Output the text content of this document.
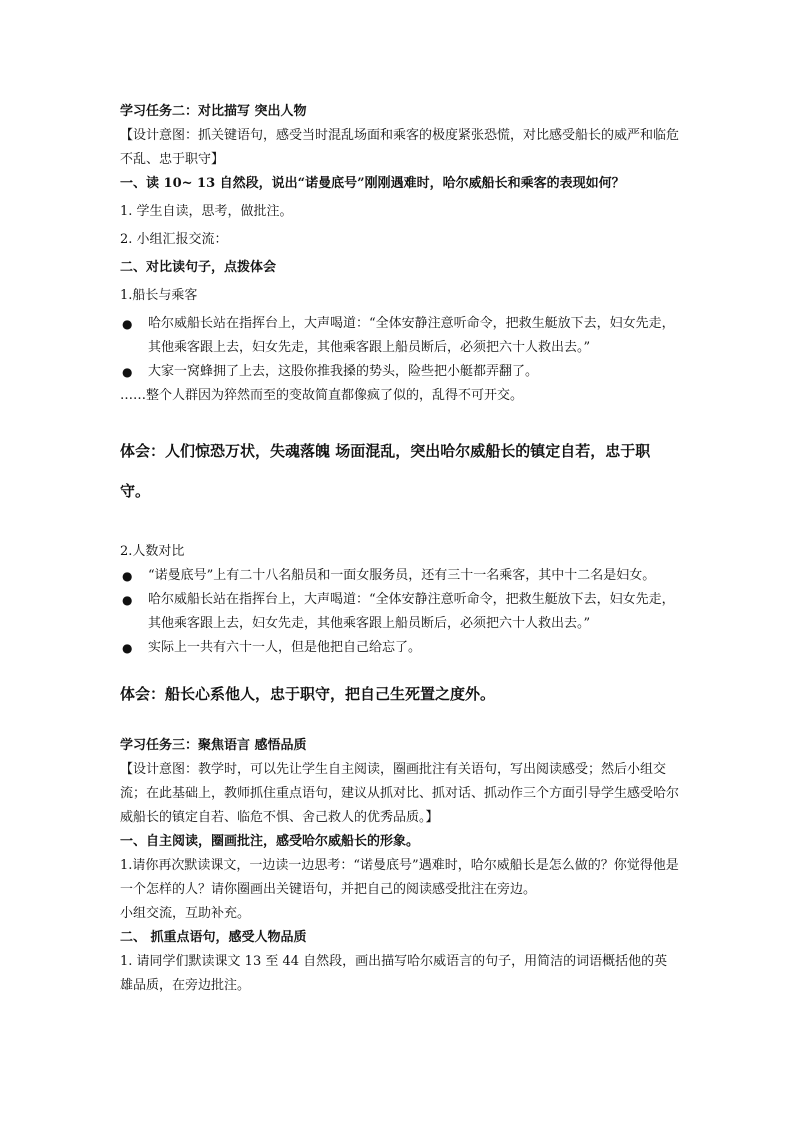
学习任务二：对比描写 突出人物

【设计意图：抓关键语句，感受当时混乱场面和乘客的极度紧张恐慌，对比感受船长的威严和临危不乱、忠于职守】

一、读 10~ 13 自然段，说出“诺曼底号”刚刚遇难时，哈尔威船长和乘客的表现如何？

1. 学生自读，思考，做批注。

2. 小组汇报交流：

二、对比读句子，点拨体会

1.船长与乘客

● 哈尔威船长站在指挥台上，大声喝道：“全体安静注意听命令，把救生艇放下去，妇女先走，其他乘客跟上去，妇女先走，其他乘客跟上船员断后，必须把六十人救出去。”

● 大家一窝蜂拥了上去，这股你推我搡的势头，险些把小艇都弄翻了。

……整个人群因为猝然而至的变故简直都像疯了似的，乱得不可开交。

体会：人们惊恐万状，失魂落魄 场面混乱，突出哈尔威船长的镇定自若，忠于职守。

2.人数对比

● “诺曼底号”上有二十八名船员和一面女服务员，还有三十一名乘客，其中十二名是妇女。

● 哈尔威船长站在指挥台上，大声喝道：“全体安静注意听命令，把救生艇放下去，妇女先走，其他乘客跟上去，妇女先走，其他乘客跟上船员断后，必须把六十人救出去。”

● 实际上一共有六十一人，但是他把自己给忘了。

体会：船长心系他人，忠于职守，把自己生死置之度外。

学习任务三：聚焦语言 感悟品质

【设计意图：教学时，可以先让学生自主阅读，圈画批注有关语句，写出阅读感受；然后小组交流；在此基础上，教师抓住重点语句，建议从抓对比、抓对话、抓动作三个方面引导学生感受哈尔威船长的镇定自若、临危不惧、舍己救人的优秀品质。】

一、自主阅读，圈画批注，感受哈尔威船长的形象。

1.请你再次默读课文，一边读一边思考：“诺曼底号”遇难时，哈尔威船长是怎么做的？你觉得他是一个怎样的人？请你圈画出关键语句，并把自己的阅读感受批注在旁边。

小组交流，互助补充。

二、 抓重点语句，感受人物品质

1. 请同学们默读课文 13 至 44 自然段，画出描写哈尔威语言的句子，用简洁的词语概括他的英雄品质，在旁边批注。
